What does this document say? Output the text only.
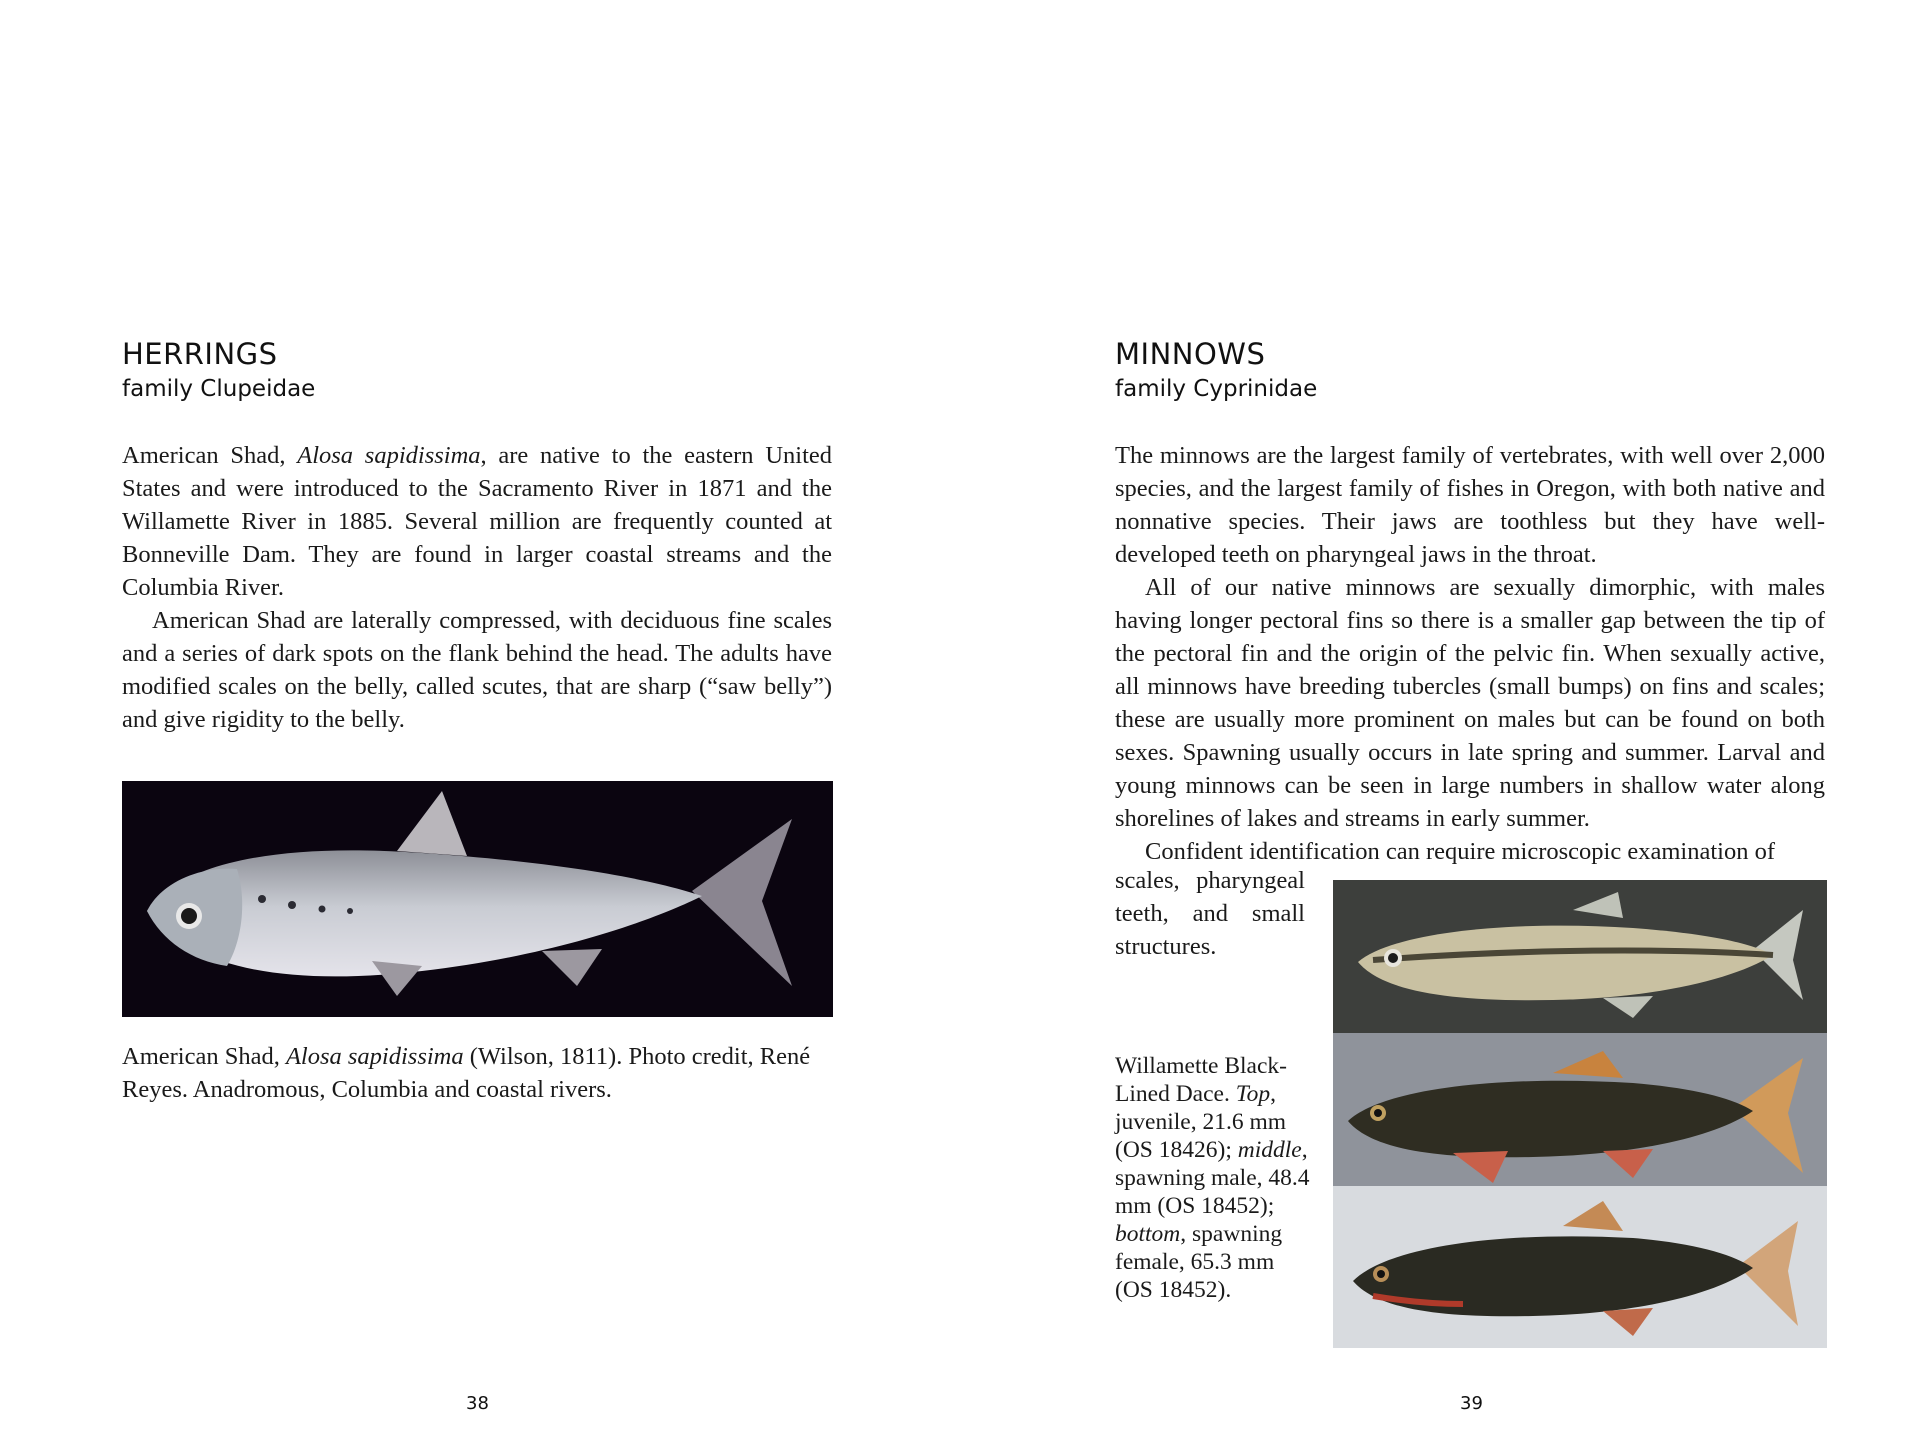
HERRINGS
family Clupeidae

American Shad, Alosa sapidissima, are native to the eastern United States and were introduced to the Sacramento River in 1871 and the Willamette River in 1885. Several million are frequently counted at Bonneville Dam. They are found in larger coastal streams and the Columbia River.

American Shad are laterally compressed, with deciduous fine scales and a series of dark spots on the flank behind the head. The adults have modified scales on the belly, called scutes, that are sharp (“saw belly”) and give rigidity to the belly.

American Shad, Alosa sapidissima (Wilson, 1811). Photo credit, René Reyes. Anadromous, Columbia and coastal rivers.
38
MINNOWS
family Cyprinidae

The minnows are the largest family of vertebrates, with well over 2,000 species, and the largest family of fishes in Oregon, with both native and nonnative species. Their jaws are toothless but they have well-developed teeth on pharyngeal jaws in the throat.

All of our native minnows are sexually dimorphic, with males having longer pectoral fins so there is a smaller gap between the tip of the pectoral fin and the origin of the pelvic fin. When sexually active, all minnows have breeding tubercles (small bumps) on fins and scales; these are usually more prominent on males but can be found on both sexes. Spawning usually occurs in late spring and summer. Larval and young minnows can be seen in large numbers in shallow water along shorelines of lakes and streams in early summer.

Confident identification can require microscopic examination of

scales, pharyngeal teeth, and small structures.
Willamette Black-Lined Dace. Top, juvenile, 21.6 mm (OS 18426); middle, spawning male, 48.4 mm (OS 18452); bottom, spawning female, 65.3 mm (OS 18452).
39
